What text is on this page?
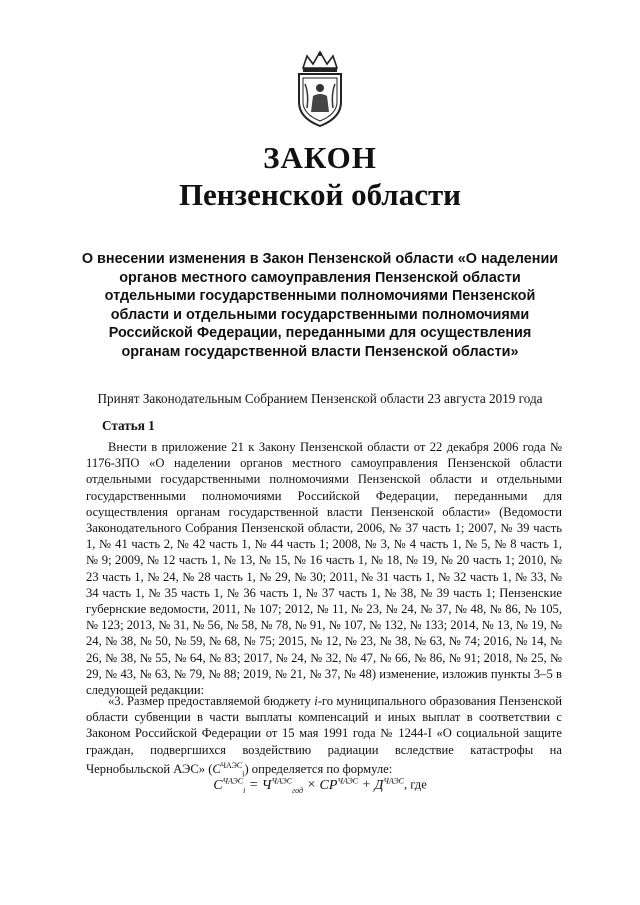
ЗАКОН
Пензенской области
О внесении изменения в Закон Пензенской области «О наделении органов местного самоуправления Пензенской области отдельными государственными полномочиями Пензенской области и отдельными государственными полномочиями Российской Федерации, переданными для осуществления органам государственной власти Пензенской области»
Принят Законодательным Собранием Пензенской области 23 августа 2019 года
Статья 1

Внести в приложение 21 к Закону Пензенской области от 22 декабря 2006 года № 1176-ЗПО «О наделении органов местного самоуправления Пензенской области отдельными государственными полномочиями Пензенской области и отдельными государственными полномочиями Российской Федерации, переданными для осуществления органам государственной власти Пензенской области» (Ведомости Законодательного Собрания Пензенской области, 2006, № 37 часть 1; 2007, № 39 часть 1, № 41 часть 2, № 42 часть 1, № 44 часть 1; 2008, № 3, № 4 часть 1, № 5, № 8 часть 1, № 9; 2009, № 12 часть 1, № 13, № 15, № 16 часть 1, № 18, № 19, № 20 часть 1; 2010, № 23 часть 1, № 24, № 28 часть 1, № 29, № 30; 2011, № 31 часть 1, № 32 часть 1, № 33, № 34 часть 1, № 35 часть 1, № 36 часть 1, № 37 часть 1, № 38, № 39 часть 1; Пензенские губернские ведомости, 2011, № 107; 2012, № 11, № 23, № 24, № 37, № 48, № 86, № 105, № 123; 2013, № 31, № 56, № 58, № 78, № 91, № 107, № 132, № 133; 2014, № 13, № 19, № 24, № 38, № 50, № 59, № 68, № 75; 2015, № 12, № 23, № 38, № 63, № 74; 2016, № 14, № 26, № 38, № 55, № 64, № 83; 2017, № 24, № 32, № 47, № 66, № 86, № 91; 2018, № 25, № 29, № 43, № 63, № 79, № 88; 2019, № 21, № 37, № 48) изменение, изложив пункты 3–5 в следующей редакции:

«3. Размер предоставляемой бюджету i-го муниципального образования Пензенской области субвенции в части выплаты компенсаций и иных выплат в соответствии с Законом Российской Федерации от 15 мая 1991 года № 1244-I «О социальной защите граждан, подвергшихся воздействию радиации вследствие катастрофы на Чернобыльской АЭС» $(C^{ЧАЭС}_i)$ определяется по формуле:

$C^{ЧАЭС}_i = Ч^{ЧАЭС}_{год} \times СР^{ЧАЭС} + Д^{ЧАЭС}$, где
